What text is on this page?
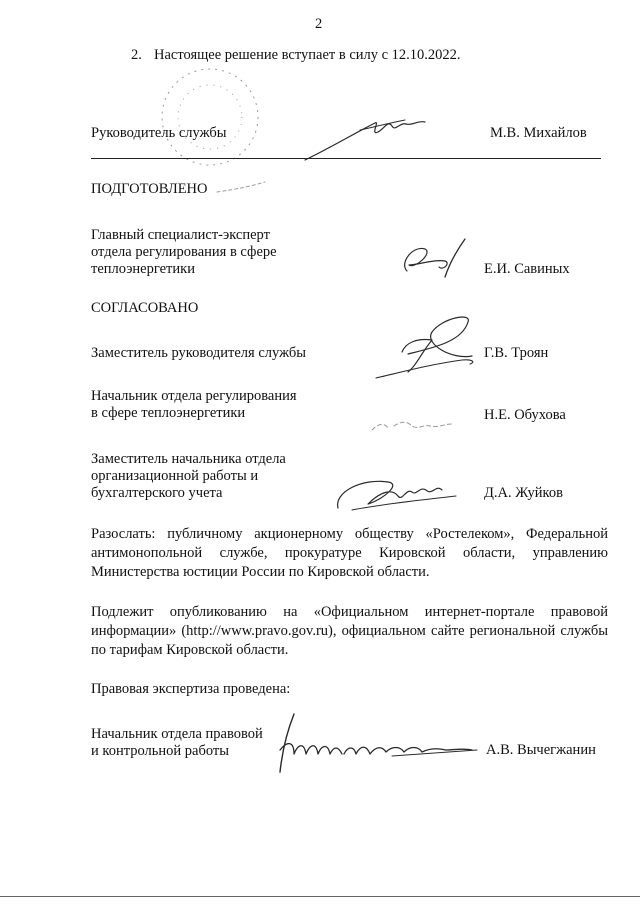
2
2. Настоящее решение вступает в силу с 12.10.2022.
Руководитель службы	М.В. Михайлов
ПОДГОТОВЛЕНО
Главный специалист-эксперт
отдела регулирования в сфере
теплоэнергетики	Е.И. Савиных
СОГЛАСОВАНО
Заместитель руководителя службы	Г.В. Троян
Начальник отдела регулирования
в сфере теплоэнергетики	Н.Е. Обухова
Заместитель начальника отдела
организационной работы и
бухгалтерского учета	Д.А. Жуйков
Разослать: публичному акционерному обществу «Ростелеком», Федеральной антимонопольной службе, прокуратуре Кировской области, управлению Министерства юстиции России по Кировской области.
Подлежит опубликованию на «Официальном интернет-портале правовой информации» (http://www.pravo.gov.ru), официальном сайте региональной службы по тарифам Кировской области.
Правовая экспертиза проведена:
Начальник отдела правовой
и контрольной работы	А.В. Вычегжанин
